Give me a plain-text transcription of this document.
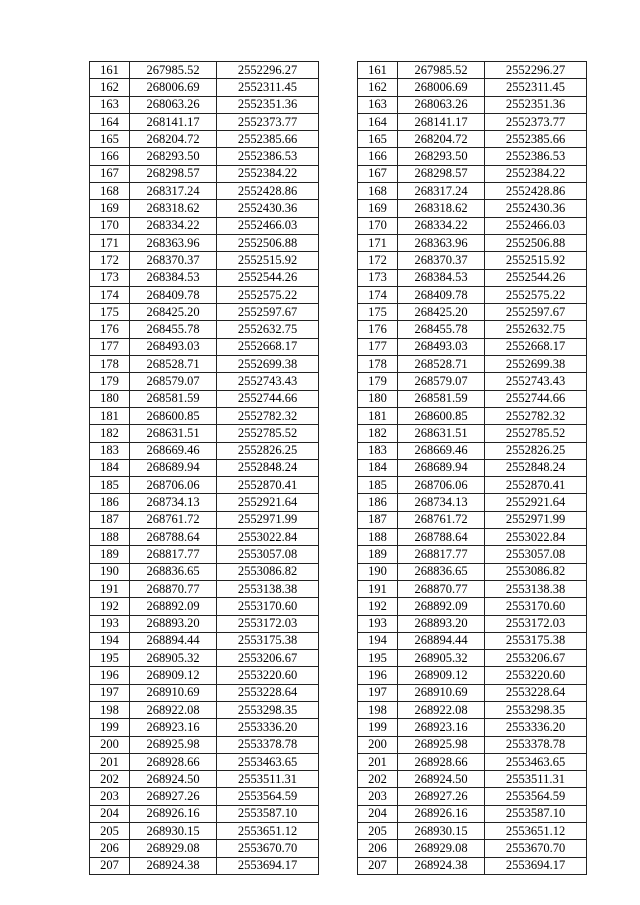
161	267985.52	2552296.27
162	268006.69	2552311.45
163	268063.26	2552351.36
164	268141.17	2552373.77
165	268204.72	2552385.66
166	268293.50	2552386.53
167	268298.57	2552384.22
168	268317.24	2552428.86
169	268318.62	2552430.36
170	268334.22	2552466.03
171	268363.96	2552506.88
172	268370.37	2552515.92
173	268384.53	2552544.26
174	268409.78	2552575.22
175	268425.20	2552597.67
176	268455.78	2552632.75
177	268493.03	2552668.17
178	268528.71	2552699.38
179	268579.07	2552743.43
180	268581.59	2552744.66
181	268600.85	2552782.32
182	268631.51	2552785.52
183	268669.46	2552826.25
184	268689.94	2552848.24
185	268706.06	2552870.41
186	268734.13	2552921.64
187	268761.72	2552971.99
188	268788.64	2553022.84
189	268817.77	2553057.08
190	268836.65	2553086.82
191	268870.77	2553138.38
192	268892.09	2553170.60
193	268893.20	2553172.03
194	268894.44	2553175.38
195	268905.32	2553206.67
196	268909.12	2553220.60
197	268910.69	2553228.64
198	268922.08	2553298.35
199	268923.16	2553336.20
200	268925.98	2553378.78
201	268928.66	2553463.65
202	268924.50	2553511.31
203	268927.26	2553564.59
204	268926.16	2553587.10
205	268930.15	2553651.12
206	268929.08	2553670.70
207	268924.38	2553694.17
161	267985.52	2552296.27
162	268006.69	2552311.45
163	268063.26	2552351.36
164	268141.17	2552373.77
165	268204.72	2552385.66
166	268293.50	2552386.53
167	268298.57	2552384.22
168	268317.24	2552428.86
169	268318.62	2552430.36
170	268334.22	2552466.03
171	268363.96	2552506.88
172	268370.37	2552515.92
173	268384.53	2552544.26
174	268409.78	2552575.22
175	268425.20	2552597.67
176	268455.78	2552632.75
177	268493.03	2552668.17
178	268528.71	2552699.38
179	268579.07	2552743.43
180	268581.59	2552744.66
181	268600.85	2552782.32
182	268631.51	2552785.52
183	268669.46	2552826.25
184	268689.94	2552848.24
185	268706.06	2552870.41
186	268734.13	2552921.64
187	268761.72	2552971.99
188	268788.64	2553022.84
189	268817.77	2553057.08
190	268836.65	2553086.82
191	268870.77	2553138.38
192	268892.09	2553170.60
193	268893.20	2553172.03
194	268894.44	2553175.38
195	268905.32	2553206.67
196	268909.12	2553220.60
197	268910.69	2553228.64
198	268922.08	2553298.35
199	268923.16	2553336.20
200	268925.98	2553378.78
201	268928.66	2553463.65
202	268924.50	2553511.31
203	268927.26	2553564.59
204	268926.16	2553587.10
205	268930.15	2553651.12
206	268929.08	2553670.70
207	268924.38	2553694.17
